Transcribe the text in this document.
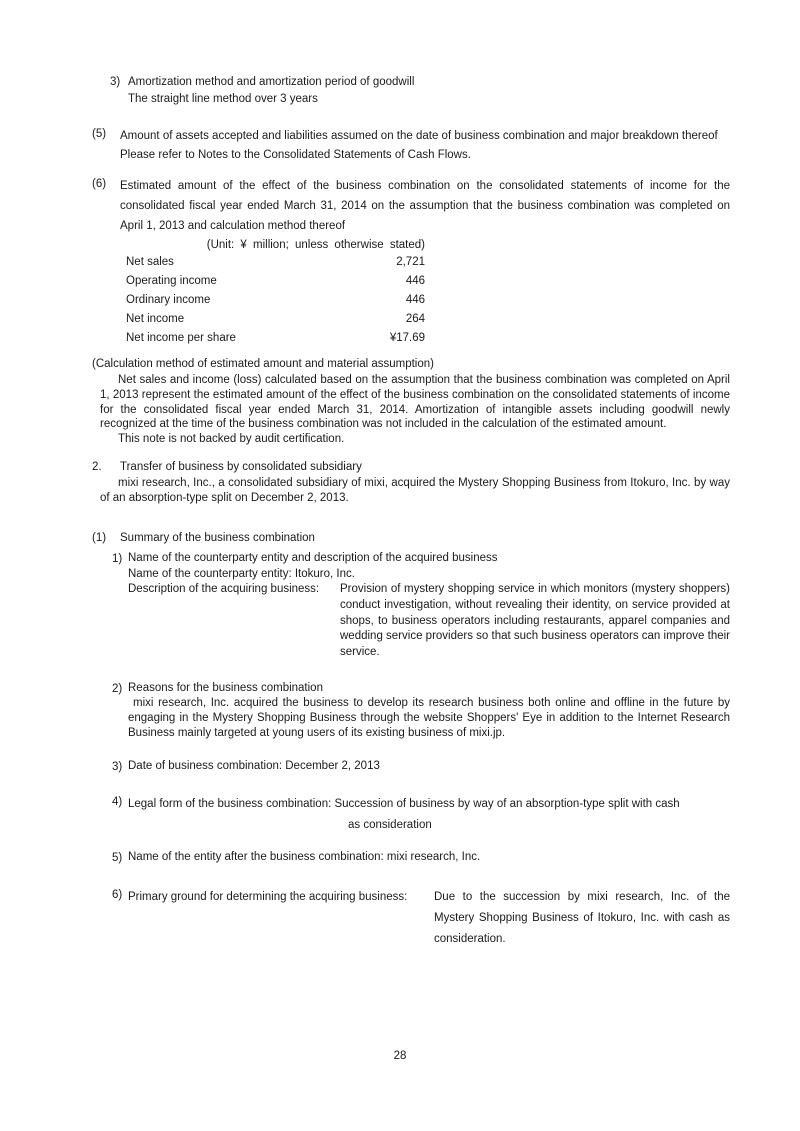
3) Amortization method and amortization period of goodwill
The straight line method over 3 years
(5)	Amount of assets accepted and liabilities assumed on the date of business combination and major breakdown thereof
Please refer to Notes to the Consolidated Statements of Cash Flows.
(6)	Estimated amount of the effect of the business combination on the consolidated statements of income for the consolidated fiscal year ended March 31, 2014 on the assumption that the business combination was completed on April 1, 2013 and calculation method thereof
(Unit: ¥ million; unless otherwise stated)
Net sales	2,721
Operating income	446
Ordinary income	446
Net income	264
Net income per share	¥17.69
(Calculation method of estimated amount and material assumption)

Net sales and income (loss) calculated based on the assumption that the business combination was completed on April 1, 2013 represent the estimated amount of the effect of the business combination on the consolidated statements of income for the consolidated fiscal year ended March 31, 2014. Amortization of intangible assets including goodwill newly recognized at the time of the business combination was not included in the calculation of the estimated amount.

This note is not backed by audit certification.

2.	Transfer of business by consolidated subsidiary

mixi research, Inc., a consolidated subsidiary of mixi, acquired the Mystery Shopping Business from Itokuro, Inc. by way of an absorption-type split on December 2, 2013.

(1)	Summary of the business combination
1) Name of the counterparty entity and description of the acquired business
Name of the counterparty entity: Itokuro, Inc.
Description of the acquiring business:	Provision of mystery shopping service in which monitors (mystery shoppers) conduct investigation, without revealing their identity, on service provided at shops, to business operators including restaurants, apparel companies and wedding service providers so that such business operators can improve their service.
2) Reasons for the business combination

mixi research, Inc. acquired the business to develop its research business both online and offline in the future by engaging in the Mystery Shopping Business through the website Shoppers' Eye in addition to the Internet Research Business mainly targeted at young users of its existing business of mixi.jp.

3) Date of business combination: December 2, 2013
4) Legal form of the business combination: Succession of business by way of an absorption-type split with cash
as consideration
5) Name of the entity after the business combination: mixi research, Inc.
6) Primary ground for determining the acquiring business:	Due to the succession by mixi research, Inc. of the Mystery Shopping Business of Itokuro, Inc. with cash as consideration.
28
